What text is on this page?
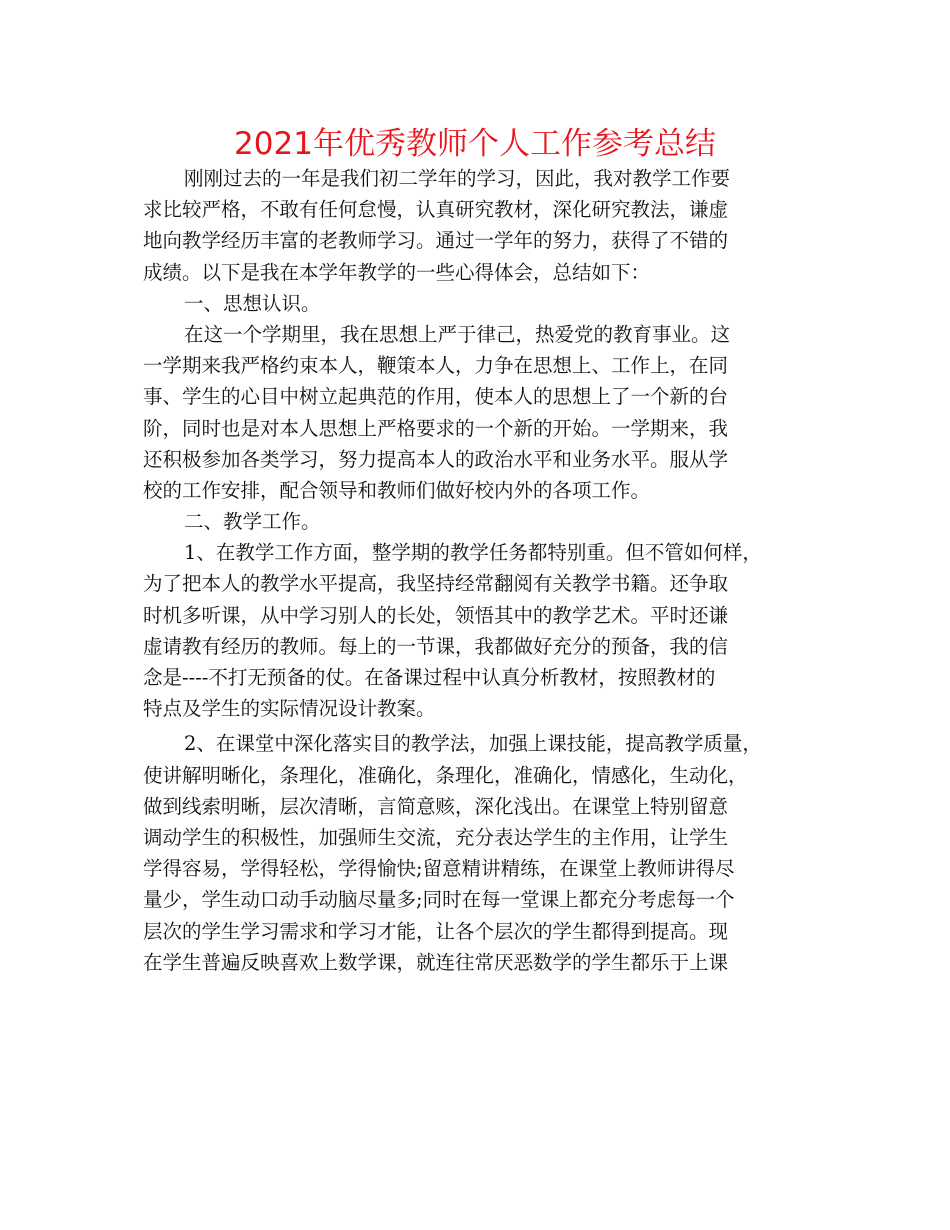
2021年优秀教师个人工作参考总结
刚刚过去的一年是我们初二学年的学习，因此，我对教学工作要
求比较严格，不敢有任何怠慢，认真研究教材，深化研究教法，谦虚
地向教学经历丰富的老教师学习。通过一学年的努力，获得了不错的
成绩。以下是我在本学年教学的一些心得体会，总结如下：
一、思想认识。
在这一个学期里，我在思想上严于律己，热爱党的教育事业。这
一学期来我严格约束本人，鞭策本人，力争在思想上、工作上，在同
事、学生的心目中树立起典范的作用，使本人的思想上了一个新的台
阶，同时也是对本人思想上严格要求的一个新的开始。一学期来，我
还积极参加各类学习，努力提高本人的政治水平和业务水平。服从学
校的工作安排，配合领导和教师们做好校内外的各项工作。
二、教学工作。
1、在教学工作方面，整学期的教学任务都特别重。但不管如何样，
为了把本人的教学水平提高，我坚持经常翻阅有关教学书籍。还争取
时机多听课，从中学习别人的长处，领悟其中的教学艺术。平时还谦
虚请教有经历的教师。每上的一节课，我都做好充分的预备，我的信
念是----不打无预备的仗。在备课过程中认真分析教材，按照教材的
特点及学生的实际情况设计教案。
2、在课堂中深化落实目的教学法，加强上课技能，提高教学质量，
使讲解明晰化，条理化，准确化，条理化，准确化，情感化，生动化，
做到线索明晰，层次清晰，言简意赅，深化浅出。在课堂上特别留意
调动学生的积极性，加强师生交流，充分表达学生的主作用，让学生
学得容易，学得轻松，学得愉快;留意精讲精练，在课堂上教师讲得尽
量少，学生动口动手动脑尽量多;同时在每一堂课上都充分考虑每一个
层次的学生学习需求和学习才能，让各个层次的学生都得到提高。现
在学生普遍反映喜欢上数学课，就连往常厌恶数学的学生都乐于上课
